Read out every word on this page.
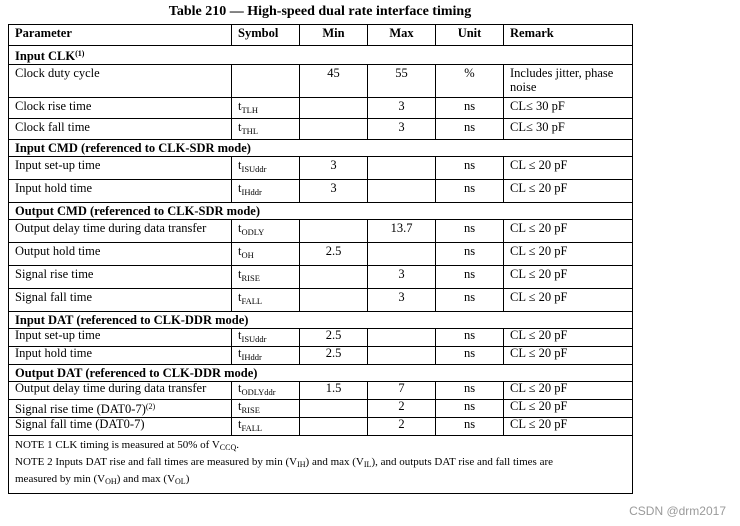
Table 210 — High-speed dual rate interface timing
Parameter	Symbol	Min	Max	Unit	Remark
Input CLK$^{(1)}$
Clock duty cycle		45	55	%	Includes jitter, phase noise
Clock rise time	$t_{TLH}$		3	ns	CL≤ 30 pF
Clock fall time	$t_{THL}$		3	ns	CL≤ 30 pF
Input CMD (referenced to CLK-SDR mode)					
Input set-up time	$t_{ISUddr}$	3		ns	CL ≤ 20 pF
Input hold time	$t_{IHddr}$	3		ns	CL ≤ 20 pF
Output CMD (referenced to CLK-SDR mode)					
Output delay time during data transfer	$t_{ODLY}$		13.7	ns	CL ≤ 20 pF
Output hold time	$t_{OH}$	2.5		ns	CL ≤ 20 pF
Signal rise time	$t_{RISE}$		3	ns	CL ≤ 20 pF
Signal fall time	$t_{FALL}$		3	ns	CL ≤ 20 pF
Input DAT (referenced to CLK-DDR mode)					
Input set-up time	$t_{ISUddr}$	2.5		ns	CL ≤ 20 pF
Input hold time	$t_{IHddr}$	2.5		ns	CL ≤ 20 pF
Output DAT (referenced to CLK-DDR mode)					
Output delay time during data transfer	$t_{ODLYddr}$	1.5	7	ns	CL ≤ 20 pF
Signal rise time $(DAT0-7)^{(2)}$	$t_{RISE}$		2	ns	CL ≤ 20 pF
Signal fall time (DAT0-7)	$t_{FALL}$		2	ns	CL ≤ 20 pF

NOTE 1 CLK timing is measured at 50% of $V_{CCQ}$.
NOTE 2 Inputs DAT rise and fall times are measured by $\min (V_{IH})$ and $\max (V_{IL})$, and outputs DAT rise and fall times are
measured by $\min (V_{OH})$ and $\max (V_{OL})$					
CSDN @drm2017
